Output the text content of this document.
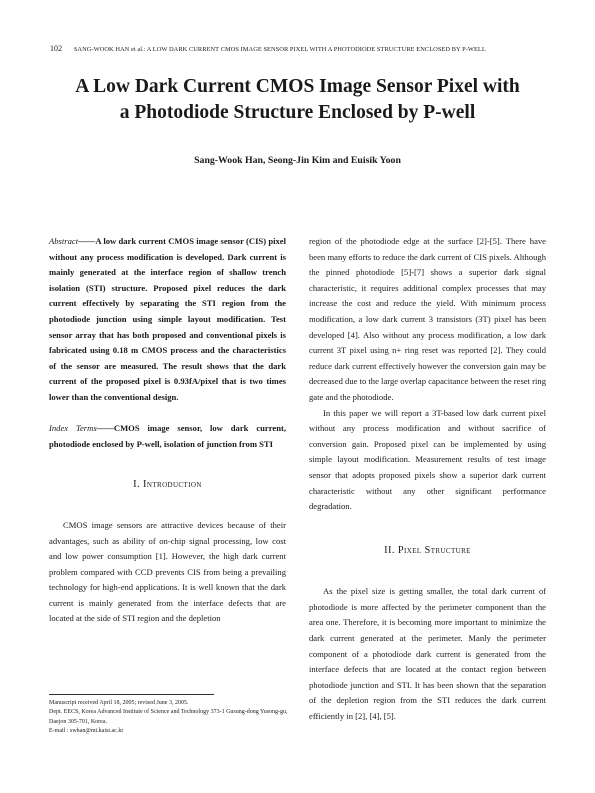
102 SANG-WOOK HAN et al.: A LOW DARK CURRENT CMOS IMAGE SENSOR PIXEL WITH A PHOTODIODE STRUCTURE ENCLOSED BY P-WELL
A Low Dark Current CMOS Image Sensor Pixel with
a Photodiode Structure Enclosed by P-well
Sang-Wook Han, Seong-Jin Kim and Euisik Yoon

Abstract——A low dark current CMOS image sensor (CIS) pixel without any process modification is developed. Dark current is mainly generated at the interface region of shallow trench isolation (STI) structure. Proposed pixel reduces the dark current effectively by separating the STI region from the photodiode junction using simple layout modification. Test sensor array that has both proposed and conventional pixels is fabricated using 0.18 m CMOS process and the characteristics of the sensor are measured. The result shows that the dark current of the proposed pixel is 0.93fA/pixel that is two times lower than the conventional design.

Index Terms——CMOS image sensor, low dark current, photodiode enclosed by P-well, isolation of junction from STI

I. Introduction

CMOS image sensors are attractive devices because of their advantages, such as ability of on-chip signal processing, low cost and low power consumption [1]. However, the high dark current problem compared with CCD prevents CIS from being a prevailing technology for high-end applications. It is well known that the dark current is mainly generated from the interface defects that are located at the side of STI region and the depletion

region of the photodiode edge at the surface [2]-[5]. There have been many efforts to reduce the dark current of CIS pixels. Although the pinned photodiode [5]-[7] shows a superior dark signal characteristic, it requires additional complex processes that may increase the cost and reduce the yield. With minimum process modification, a low dark current 3 transistors (3T) pixel has been developed [4]. Also without any process modification, a low dark current 3T pixel using n+ ring reset was reported [2]. They could reduce dark current effectively however the conversion gain may be decreased due to the large overlap capacitance between the reset ring gate and the photodiode.

In this paper we will report a 3T-based low dark current pixel without any process modification and without sacrifice of conversion gain. Proposed pixel can be implemented by using simple layout modification. Measurement results of test image sensor that adopts proposed pixels show a superior dark current characteristic without any other significant performance degradation.

II. Pixel Structure

As the pixel size is getting smaller, the total dark current of photodiode is more affected by the perimeter component than the area one. Therefore, it is becoming more important to minimize the dark current generated at the perimeter. Manly the perimeter component of a photodiode dark current is generated from the interface defects that are located at the contact region between photodiode junction and STI. It has been shown that the separation of the depletion region from the STI reduces the dark current efficiently in [2], [4], [5].

Manuscript received April 18, 2005; revised June 3, 2005.
Dept. EECS, Korea Advanced Institute of Science and Technology 373-1 Gusung-dong Yusong-gu, Daejon 305-701, Korea.
E-mail : swhan@mt.kaist.ac.kr
